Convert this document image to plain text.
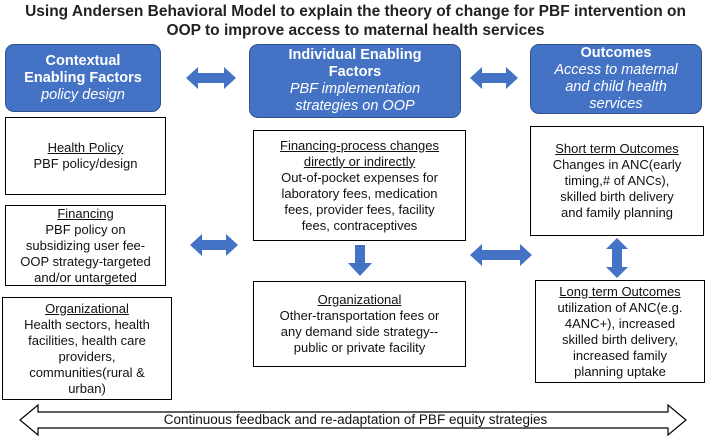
Using Andersen Behavioral Model to explain the theory of change for PBF intervention on
OOP to improve access to maternal health services
Contextual
Enabling Factors
policy design
Individual Enabling
Factors
PBF implementation
strategies on OOP
Outcomes
Access to maternal
and child health
services
Health Policy
PBF policy/design
Financing
PBF policy on
subsidizing user fee-
OOP strategy-targeted
and/or untargeted
Organizational
Health sectors, health
facilities, health care
providers,
communities(rural &
urban)
Financing-process changes
directly or indirectly
Out-of-pocket expenses for
laboratory fees, medication
fees, provider fees, facility
fees, contraceptives
Organizational
Other-transportation fees or
any demand side strategy--
public or private facility
Short term Outcomes
Changes in ANC(early
timing,# of ANCs),
skilled birth delivery
and family planning
Long term Outcomes
utilization of ANC(e.g.
4ANC+), increased
skilled birth delivery,
increased family
planning uptake
Continuous feedback and re-adaptation of PBF equity strategies
